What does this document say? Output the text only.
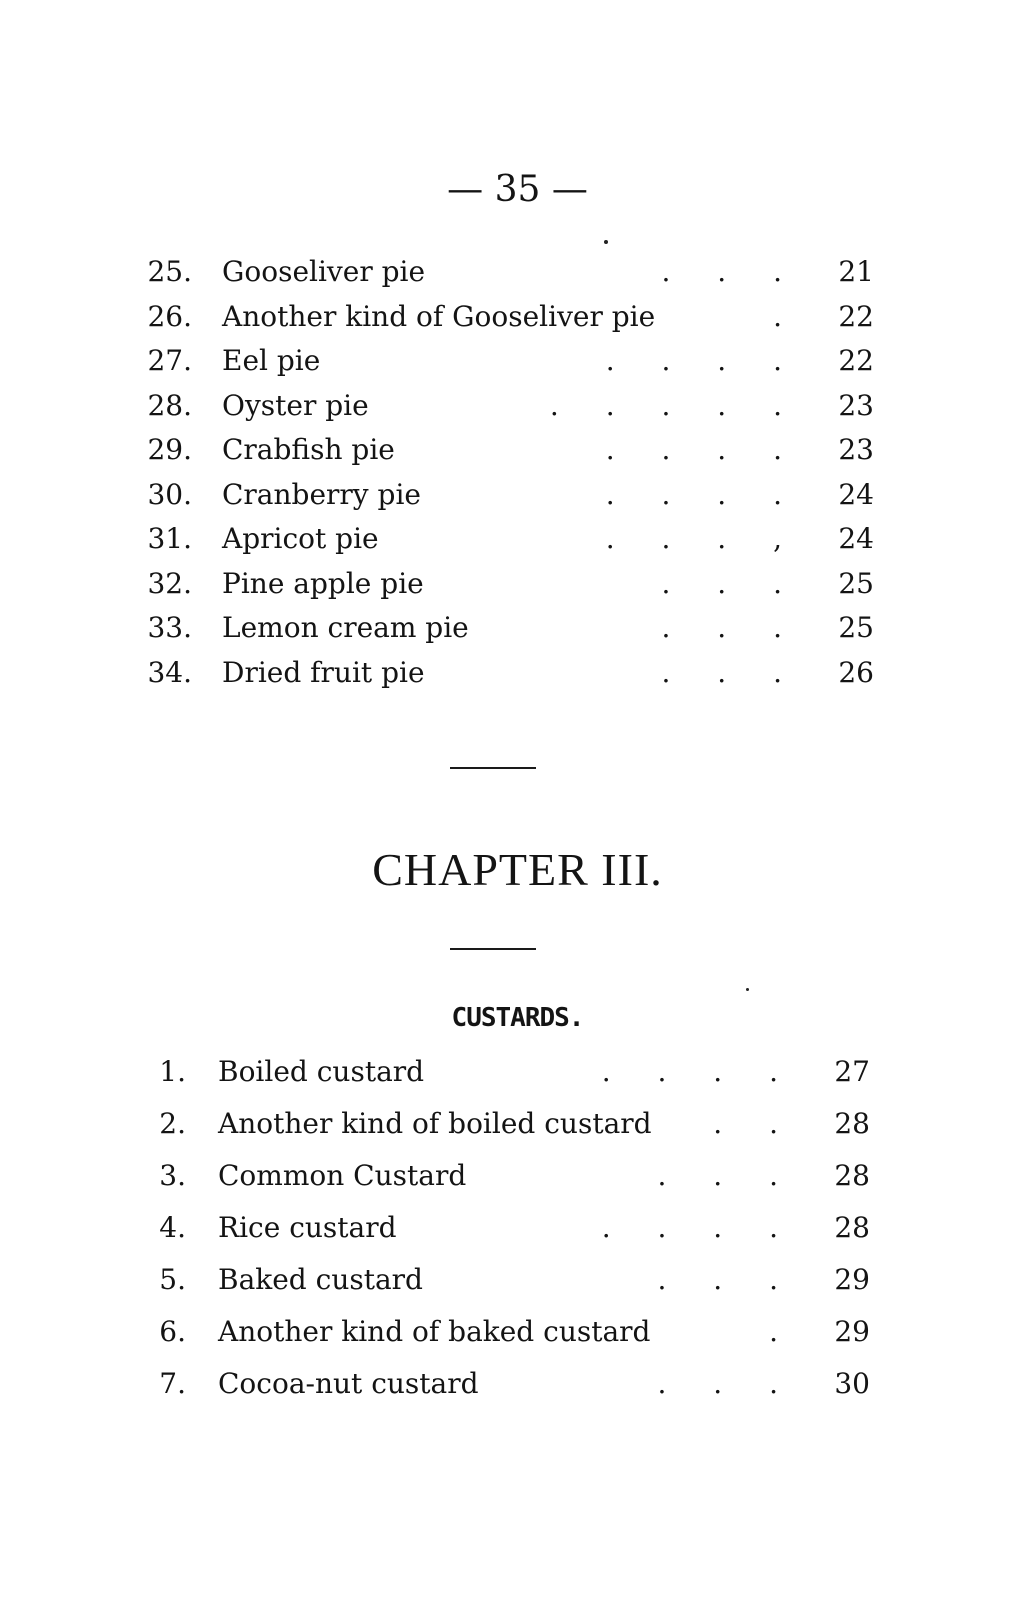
— 35 —
25. Gooseliver pie	. . . 21
26. Another kind of Gooseliver pie	. 22
27. Eel pie	. . . . 22
28. Oyster pie	. . . . . 23
29. Crabfish pie	. . . . 23
30. Cranberry pie	. . . . 24
31. Apricot pie	. . . , 24
32. Pine apple pie	. . . 25
33. Lemon cream pie	. . . 25
34. Dried fruit pie	. . . 26
CHAPTER III.
CUSTARDS.
1. Boiled custard	. . . . 27
2. Another kind of boiled custard . . 28
3. Common Custard	. . . 28
4. Rice custard	. . . . 28
5. Baked custard	. . . 29
6. Another kind of baked custard	. 29
7. Cocoa-nut custard	. . . 30
